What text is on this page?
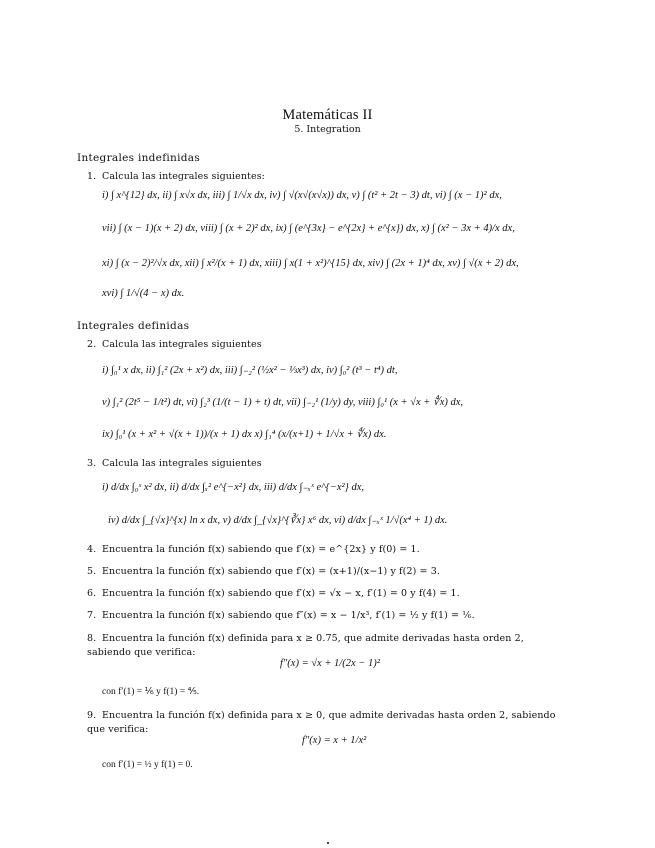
Matemáticas II
5. Integration
Integrales indefinidas
1. Calcula las integrales siguientes:
i) ∫ x^{12} dx, ii) ∫ x√x dx, iii) ∫ 1/√x dx, iv) ∫ √(x√(x√x)) dx, v) ∫ (t² + 2t − 3) dt, vi) ∫ (x − 1)² dx,
vii) ∫ (x − 1)(x + 2) dx, viii) ∫ (x + 2)² dx, ix) ∫ (e^{3x} − e^{2x} + e^{x}) dx, x) ∫ (x² − 3x + 4)/x dx,
xi) ∫ (x − 2)²/√x dx, xii) ∫ x²/(x + 1) dx, xiii) ∫ x(1 + x²)^{15} dx, xiv) ∫ (2x + 1)⁴ dx, xv) ∫ √(x + 2) dx,
xvi) ∫ 1/√(4 − x) dx.
Integrales definidas
2. Calcula las integrales siguientes
i) ∫₀¹ x dx, ii) ∫₁² (2x + x²) dx, iii) ∫₋₂² (½x² − ⅓x³) dx, iv) ∫₀² (t³ − t⁴) dt,
v) ∫₁² (2t⁵ − 1/t²) dt, vi) ∫₂³ (1/(t − 1) + t) dt, vii) ∫₋₂¹ (1/y) dy, viii) ∫₀¹ (x + √x + ∜x) dx,
ix) ∫₀¹ (x + x² + √(x + 1))/(x + 1) dx x) ∫₁⁴ (x/(x+1) + 1/√x + ∜x) dx.
3. Calcula las integrales siguientes
i) d/dx ∫₀ˣ x² dx, ii) d/dx ∫ₓ² e^{−x²} dx, iii) d/dx ∫₋ₓˣ e^{−x²} dx,
iv) d/dx ∫_{√x}^{x} ln x dx, v) d/dx ∫_{√x}^{∛x} x⁶ dx, vi) d/dx ∫₋ₓˣ 1/√(x⁴ + 1) dx.
4. Encuentra la función f(x) sabiendo que f′(x) = e^{2x} y f(0) = 1.
5. Encuentra la función f(x) sabiendo que f′(x) = (x+1)/(x−1) y f(2) = 3.
6. Encuentra la función f(x) sabiendo que f′(x) = √x − x, f′(1) = 0 y f(4) = 1.
7. Encuentra la función f(x) sabiendo que f″(x) = x − 1/x³, f′(1) = ½ y f(1) = ⅙.
8. Encuentra la función f(x) definida para x ≥ 0.75, que admite derivadas hasta orden 2, sabiendo que verifica:
f″(x) = √x + 1/(2x − 1)²
con f′(1) = ⅙ y f(1) = ⅘.
9. Encuentra la función f(x) definida para x ≥ 0, que admite derivadas hasta orden 2, sabiendo que verifica:
f″(x) = x + 1/x²
con f′(1) = ½ y f(1) = 0.
